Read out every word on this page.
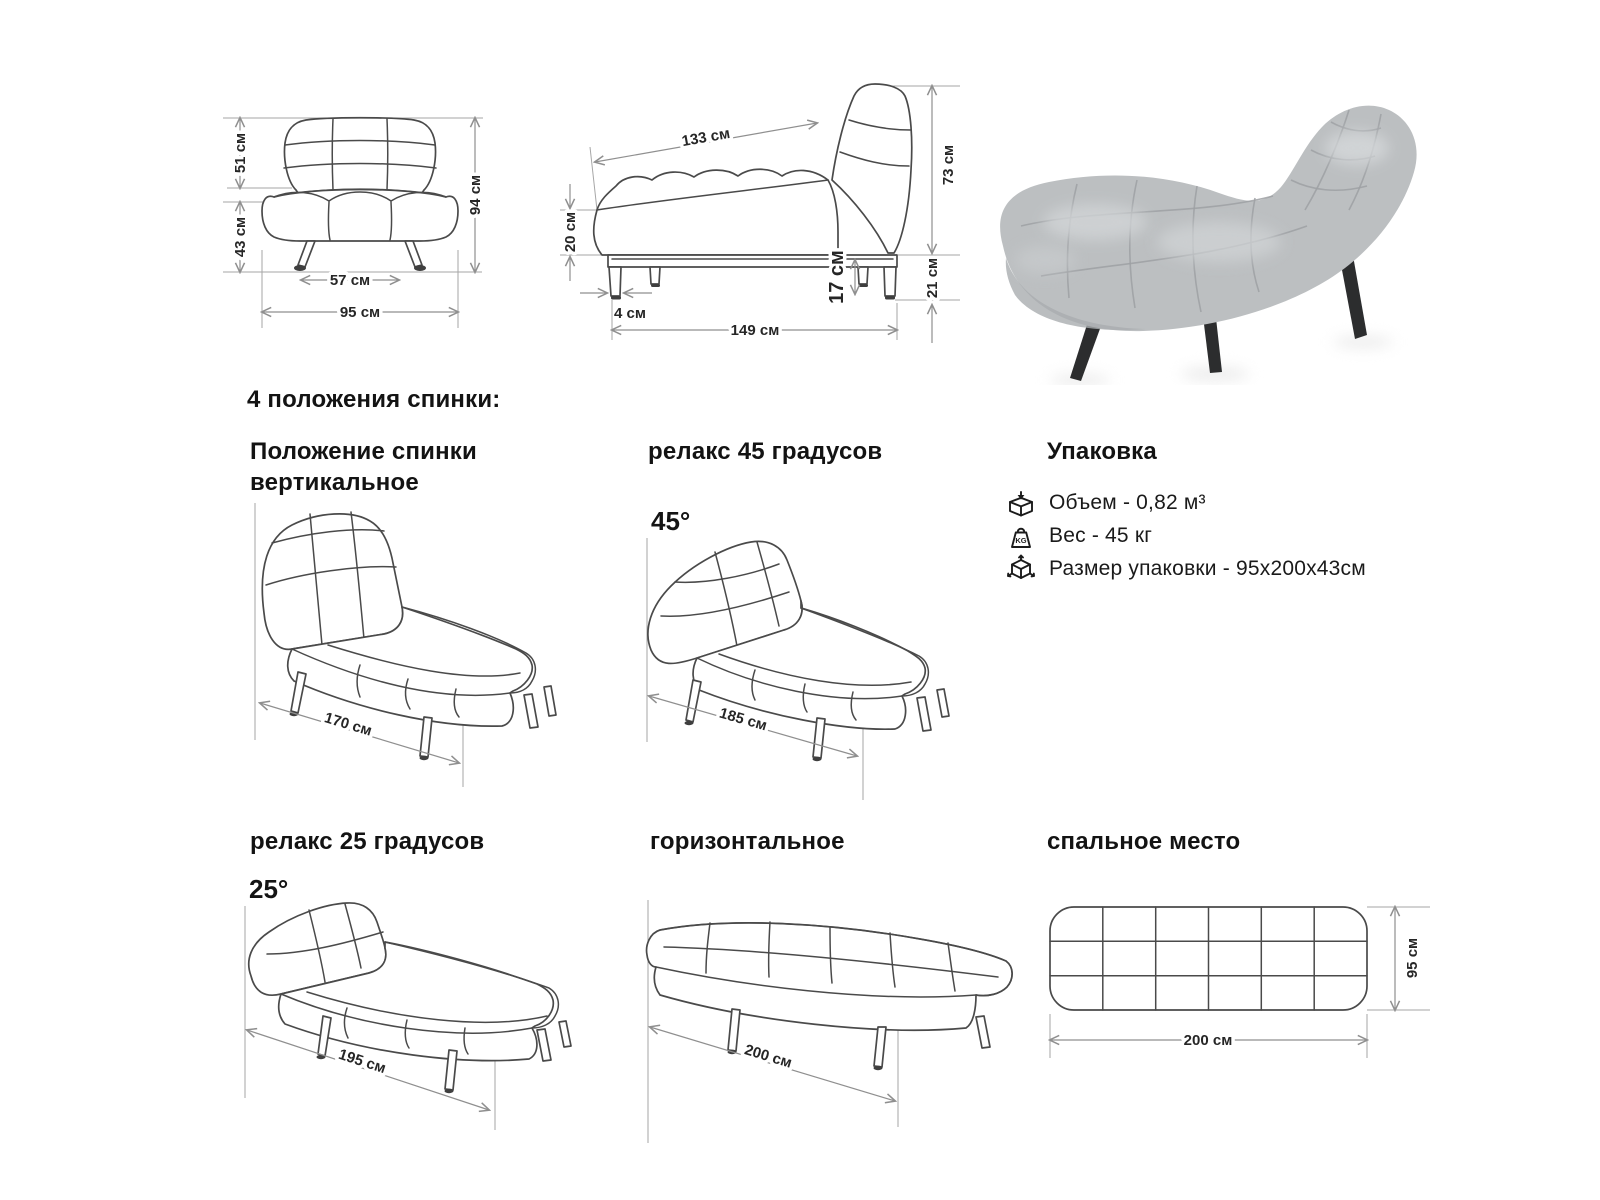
51 см
43 см
94 см
57 см
95 см
133 см
20 см
73 см
21 см
17 см
4 см
149 см
4 положения спинки:
Положение спинки
вертикальное
релакс 45 градусов	Упаковка
Объем - 0,82 м³
KG Вес - 45 кг
Размер упаковки - 95х200х43см
170 см
45°
185 см
релакс 25 градусов	горизонтальное	спальное место
25°
195 см	200 см
95 см
200 см
